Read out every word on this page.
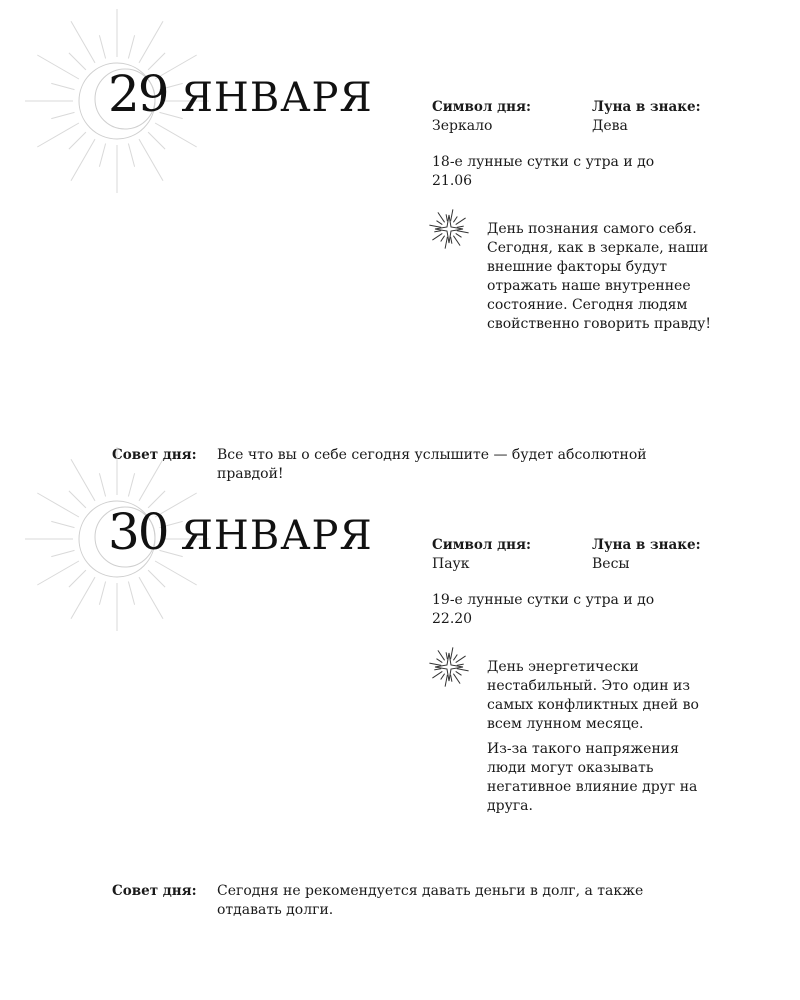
29 ЯНВАРЯ	Символ дня:
Зеркало
Луна в знаке:
Дева

18-е лунные сутки с утра и до 21.06

День познания самого себя. Сегодня, как в зеркале, наши внешние факторы будут отражать наше внутреннее состояние. Сегодня людям свойственно говорить правду!

Совет дня: Все что вы о себе сегодня услышите — будет абсолютной правдой!
30 ЯНВАРЯ	Символ дня:
Паук
Луна в знаке:
Весы

19-е лунные сутки с утра и до 22.20

День энергетически нестабильный. Это один из самых конфликтных дней во всем лунном месяце.

Из-за такого напряжения люди могут оказывать негативное влияние друг на друга.

Совет дня: Сегодня не рекомендуется давать деньги в долг, а также отдавать долги.
